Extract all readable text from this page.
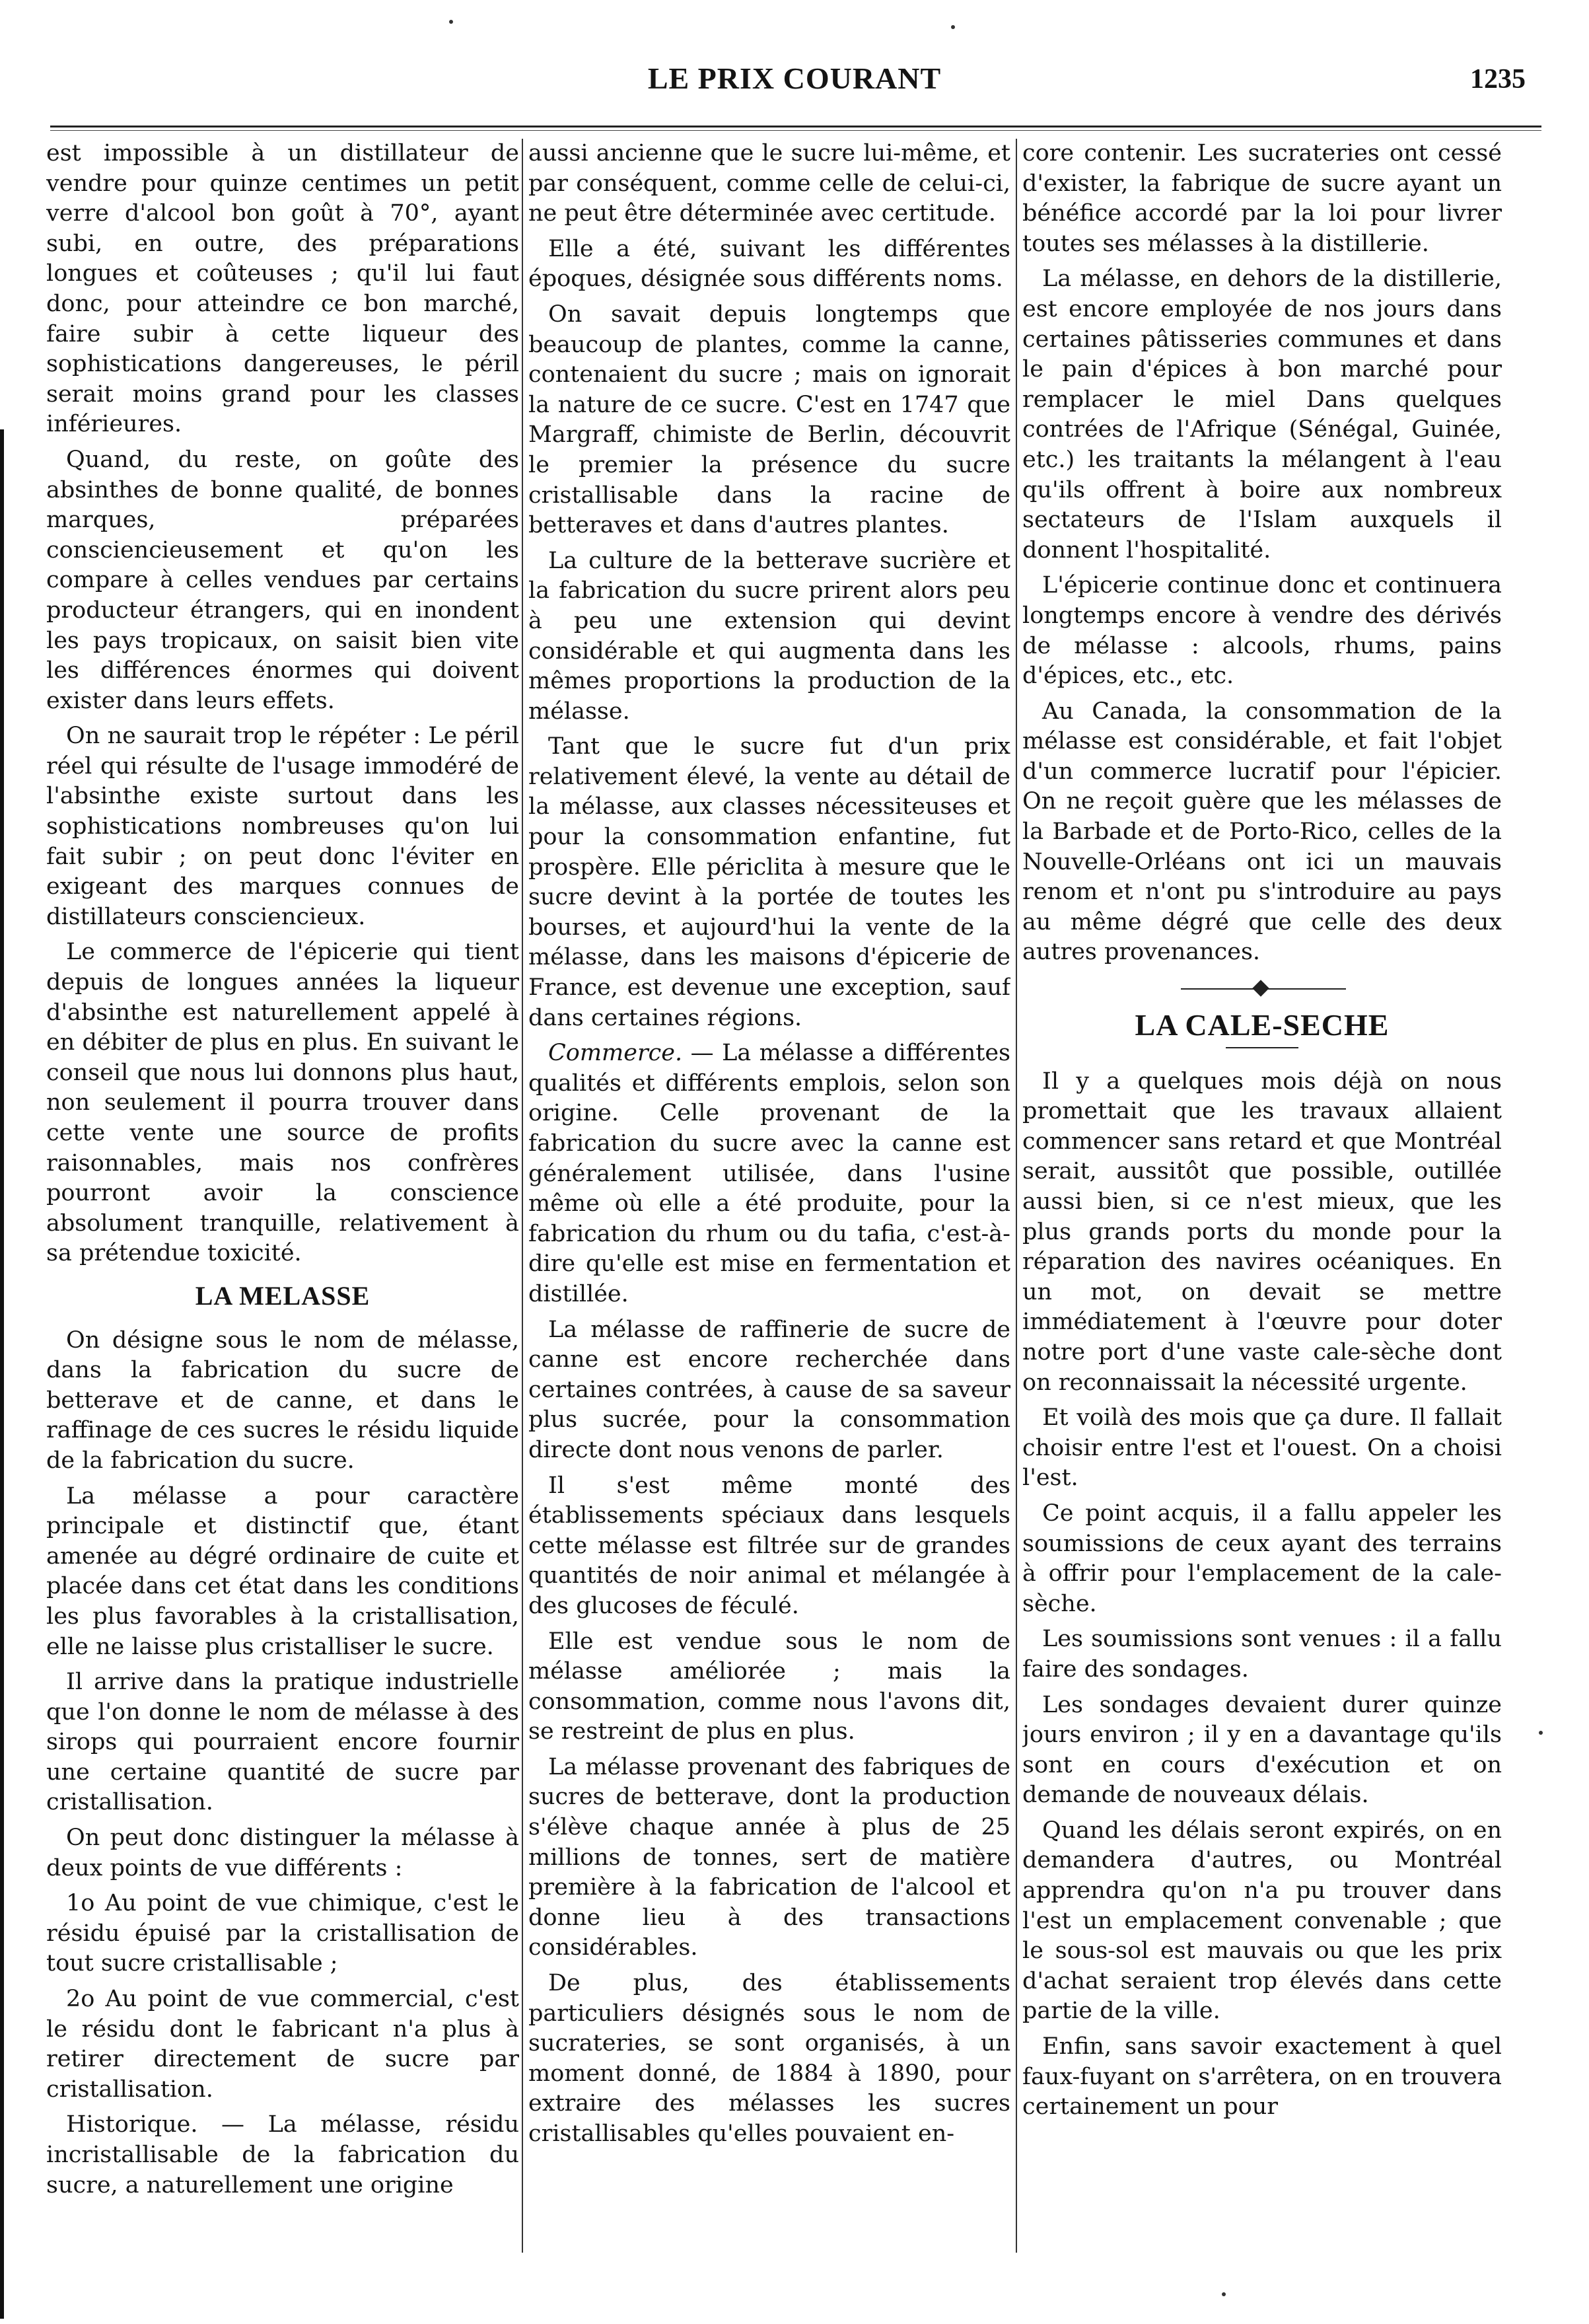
LE PRIX COURANT	1235

est impossible à un distillateur de vendre pour quinze centimes un petit verre d'alcool bon goût à 70°, ayant subi, en outre, des préparations longues et coûteuses ; qu'il lui faut donc, pour atteindre ce bon marché, faire subir à cette liqueur des sophistications dangereuses, le péril serait moins grand pour les classes inférieures.

Quand, du reste, on goûte des absinthes de bonne qualité, de bonnes marques, préparées consciencieusement et qu'on les compare à celles vendues par certains producteur étrangers, qui en inondent les pays tropicaux, on saisit bien vite les différences énormes qui doivent exister dans leurs effets.

On ne saurait trop le répéter : Le péril réel qui résulte de l'usage immodéré de l'absinthe existe surtout dans les sophistications nombreuses qu'on lui fait subir ; on peut donc l'éviter en exigeant des marques connues de distillateurs consciencieux.

Le commerce de l'épicerie qui tient depuis de longues années la liqueur d'absinthe est naturellement appelé à en débiter de plus en plus. En suivant le conseil que nous lui donnons plus haut, non seulement il pourra trouver dans cette vente une source de profits raisonnables, mais nos confrères pourront avoir la conscience absolument tranquille, relativement à sa prétendue toxicité.

LA MELASSE

On désigne sous le nom de mélasse, dans la fabrication du sucre de betterave et de canne, et dans le raffinage de ces sucres le résidu liquide de la fabrication du sucre.

La mélasse a pour caractère principale et distinctif que, étant amenée au dégré ordinaire de cuite et placée dans cet état dans les conditions les plus favorables à la cristallisation, elle ne laisse plus cristalliser le sucre.

Il arrive dans la pratique industrielle que l'on donne le nom de mélasse à des sirops qui pourraient encore fournir une certaine quantité de sucre par cristallisation.

On peut donc distinguer la mélasse à deux points de vue différents :

1o Au point de vue chimique, c'est le résidu épuisé par la cristallisation de tout sucre cristallisable ;

2o Au point de vue commercial, c'est le résidu dont le fabricant n'a plus à retirer directement de sucre par cristallisation.

Historique. — La mélasse, résidu incristallisable de la fabrication du sucre, a naturellement une origine

aussi ancienne que le sucre lui-même, et par conséquent, comme celle de celui-ci, ne peut être déterminée avec certitude.

Elle a été, suivant les différentes époques, désignée sous différents noms.

On savait depuis longtemps que beaucoup de plantes, comme la canne, contenaient du sucre ; mais on ignorait la nature de ce sucre. C'est en 1747 que Margraff, chimiste de Berlin, découvrit le premier la présence du sucre cristallisable dans la racine de betteraves et dans d'autres plantes.

La culture de la betterave sucrière et la fabrication du sucre prirent alors peu à peu une extension qui devint considérable et qui augmenta dans les mêmes proportions la production de la mélasse.

Tant que le sucre fut d'un prix relativement élevé, la vente au détail de la mélasse, aux classes nécessiteuses et pour la consommation enfantine, fut prospère. Elle périclita à mesure que le sucre devint à la portée de toutes les bourses, et aujourd'hui la vente de la mélasse, dans les maisons d'épicerie de France, est devenue une exception, sauf dans certaines régions.

Commerce. — La mélasse a différentes qualités et différents emplois, selon son origine. Celle provenant de la fabrication du sucre avec la canne est généralement utilisée, dans l'usine même où elle a été produite, pour la fabrication du rhum ou du tafia, c'est-à-dire qu'elle est mise en fermentation et distillée.

La mélasse de raffinerie de sucre de canne est encore recherchée dans certaines contrées, à cause de sa saveur plus sucrée, pour la consommation directe dont nous venons de parler.

Il s'est même monté des établissements spéciaux dans lesquels cette mélasse est filtrée sur de grandes quantités de noir animal et mélangée à des glucoses de féculé.

Elle est vendue sous le nom de mélasse améliorée ; mais la consommation, comme nous l'avons dit, se restreint de plus en plus.

La mélasse provenant des fabriques de sucres de betterave, dont la production s'élève chaque année à plus de 25 millions de tonnes, sert de matière première à la fabrication de l'alcool et donne lieu à des transactions considérables.

De plus, des établissements particuliers désignés sous le nom de sucrateries, se sont organisés, à un moment donné, de 1884 à 1890, pour extraire des mélasses les sucres cristallisables qu'elles pouvaient en-

core contenir. Les sucrateries ont cessé d'exister, la fabrique de sucre ayant un bénéfice accordé par la loi pour livrer toutes ses mélasses à la distillerie.

La mélasse, en dehors de la distillerie, est encore employée de nos jours dans certaines pâtisseries communes et dans le pain d'épices à bon marché pour remplacer le miel Dans quelques contrées de l'Afrique (Sénégal, Guinée, etc.) les traitants la mélangent à l'eau qu'ils offrent à boire aux nombreux sectateurs de l'Islam auxquels il donnent l'hospitalité.

L'épicerie continue donc et continuera longtemps encore à vendre des dérivés de mélasse : alcools, rhums, pains d'épices, etc., etc.

Au Canada, la consommation de la mélasse est considérable, et fait l'objet d'un commerce lucratif pour l'épicier. On ne reçoit guère que les mélasses de la Barbade et de Porto-Rico, celles de la Nouvelle-Orléans ont ici un mauvais renom et n'ont pu s'introduire au pays au même dégré que celle des deux autres provenances.

LA CALE-SECHE

Il y a quelques mois déjà on nous promettait que les travaux allaient commencer sans retard et que Montréal serait, aussitôt que possible, outillée aussi bien, si ce n'est mieux, que les plus grands ports du monde pour la réparation des navires océaniques. En un mot, on devait se mettre immédiatement à l'œuvre pour doter notre port d'une vaste cale-sèche dont on reconnaissait la nécessité urgente.

Et voilà des mois que ça dure. Il fallait choisir entre l'est et l'ouest. On a choisi l'est.

Ce point acquis, il a fallu appeler les soumissions de ceux ayant des terrains à offrir pour l'emplacement de la cale-sèche.

Les soumissions sont venues : il a fallu faire des sondages.

Les sondages devaient durer quinze jours environ ; il y en a davantage qu'ils sont en cours d'exécution et on demande de nouveaux délais.

Quand les délais seront expirés, on en demandera d'autres, ou Montréal apprendra qu'on n'a pu trouver dans l'est un emplacement convenable ; que le sous-sol est mauvais ou que les prix d'achat seraient trop élevés dans cette partie de la ville.

Enfin, sans savoir exactement à quel faux-fuyant on s'arrêtera, on en trouvera certainement un pour
